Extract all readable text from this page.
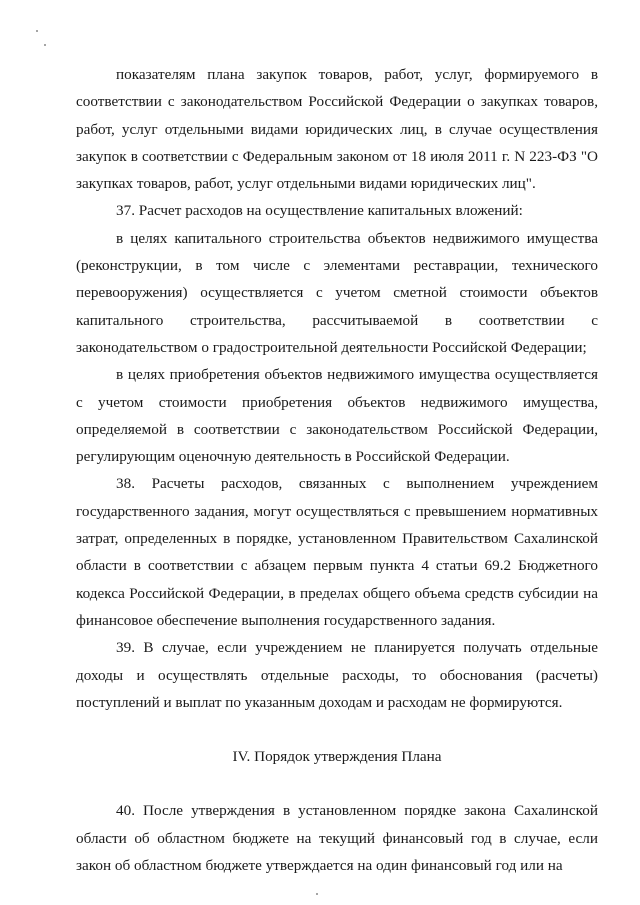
показателям плана закупок товаров, работ, услуг, формируемого в соответствии с законодательством Российской Федерации о закупках товаров, работ, услуг отдельными видами юридических лиц, в случае осуществления закупок в соответствии с Федеральным законом от 18 июля 2011 г. N 223-ФЗ "О закупках товаров, работ, услуг отдельными видами юридических лиц".

37. Расчет расходов на осуществление капитальных вложений:

в целях капитального строительства объектов недвижимого имущества (реконструкции, в том числе с элементами реставрации, технического перевооружения) осуществляется с учетом сметной стоимости объектов капитального строительства, рассчитываемой в соответствии с законодательством о градостроительной деятельности Российской Федерации;

в целях приобретения объектов недвижимого имущества осуществляется с учетом стоимости приобретения объектов недвижимого имущества, определяемой в соответствии с законодательством Российской Федерации, регулирующим оценочную деятельность в Российской Федерации.

38. Расчеты расходов, связанных с выполнением учреждением государственного задания, могут осуществляться с превышением нормативных затрат, определенных в порядке, установленном Правительством Сахалинской области в соответствии с абзацем первым пункта 4 статьи 69.2 Бюджетного кодекса Российской Федерации, в пределах общего объема средств субсидии на финансовое обеспечение выполнения государственного задания.

39. В случае, если учреждением не планируется получать отдельные доходы и осуществлять отдельные расходы, то обоснования (расчеты) поступлений и выплат по указанным доходам и расходам не формируются.

IV. Порядок утверждения Плана

40. После утверждения в установленном порядке закона Сахалинской области об областном бюджете на текущий финансовый год в случае, если закон об областном бюджете утверждается на один финансовый год или на
